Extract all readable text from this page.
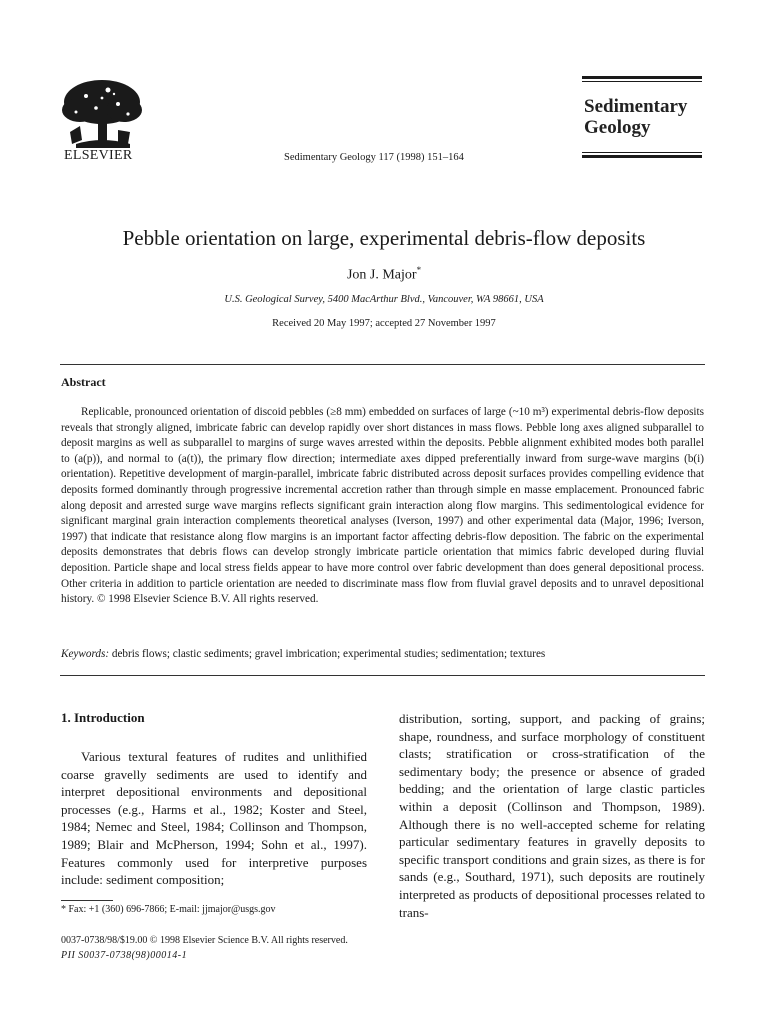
ELSEVIER	Sedimentary Geology 117 (1998) 151–164
Sedimentary
Geology
Pebble orientation on large, experimental debris-flow deposits
Jon J. Major*
U.S. Geological Survey, 5400 MacArthur Blvd., Vancouver, WA 98661, USA
Received 20 May 1997; accepted 27 November 1997
Abstract
Replicable, pronounced orientation of discoid pebbles (≥8 mm) embedded on surfaces of large (~10 m³) experimental debris-flow deposits reveals that strongly aligned, imbricate fabric can develop rapidly over short distances in mass flows. Pebble long axes aligned subparallel to deposit margins as well as subparallel to margins of surge waves arrested within the deposits. Pebble alignment exhibited modes both parallel to (a(p)), and normal to (a(t)), the primary flow direction; intermediate axes dipped preferentially inward from surge-wave margins (b(i) orientation). Repetitive development of margin-parallel, imbricate fabric distributed across deposit surfaces provides compelling evidence that deposits formed dominantly through progressive incremental accretion rather than through simple en masse emplacement. Pronounced fabric along deposit and arrested surge wave margins reflects significant grain interaction along flow margins. This sedimentological evidence for significant marginal grain interaction complements theoretical analyses (Iverson, 1997) and other experimental data (Major, 1996; Iverson, 1997) that indicate that resistance along flow margins is an important factor affecting debris-flow deposition. The fabric on the experimental deposits demonstrates that debris flows can develop strongly imbricate particle orientation that mimics fabric developed during fluvial deposition. Particle shape and local stress fields appear to have more control over fabric development than does general depositional process. Other criteria in addition to particle orientation are needed to discriminate mass flow from fluvial gravel deposits and to unravel depositional history. © 1998 Elsevier Science B.V. All rights reserved.
Keywords: debris flows; clastic sediments; gravel imbrication; experimental studies; sedimentation; textures
1. Introduction

Various textural features of rudites and unlithified coarse gravelly sediments are used to identify and interpret depositional environments and depositional processes (e.g., Harms et al., 1982; Koster and Steel, 1984; Nemec and Steel, 1984; Collinson and Thompson, 1989; Blair and McPherson, 1994; Sohn et al., 1997). Features commonly used for interpretive purposes include: sediment composition;

distribution, sorting, support, and packing of grains; shape, roundness, and surface morphology of constituent clasts; stratification or cross-stratification of the sedimentary body; the presence or absence of graded bedding; and the orientation of large clastic particles within a deposit (Collinson and Thompson, 1989). Although there is no well-accepted scheme for relating particular sedimentary features in gravelly deposits to specific transport conditions and grain sizes, as there is for sands (e.g., Southard, 1971), such deposits are routinely interpreted as products of depositional processes related to trans-

* Fax: +1 (360) 696-7866; E-mail: jjmajor@usgs.gov
0037-0738/98/$19.00 © 1998 Elsevier Science B.V. All rights reserved.
PII S0037-0738(98)00014-1
